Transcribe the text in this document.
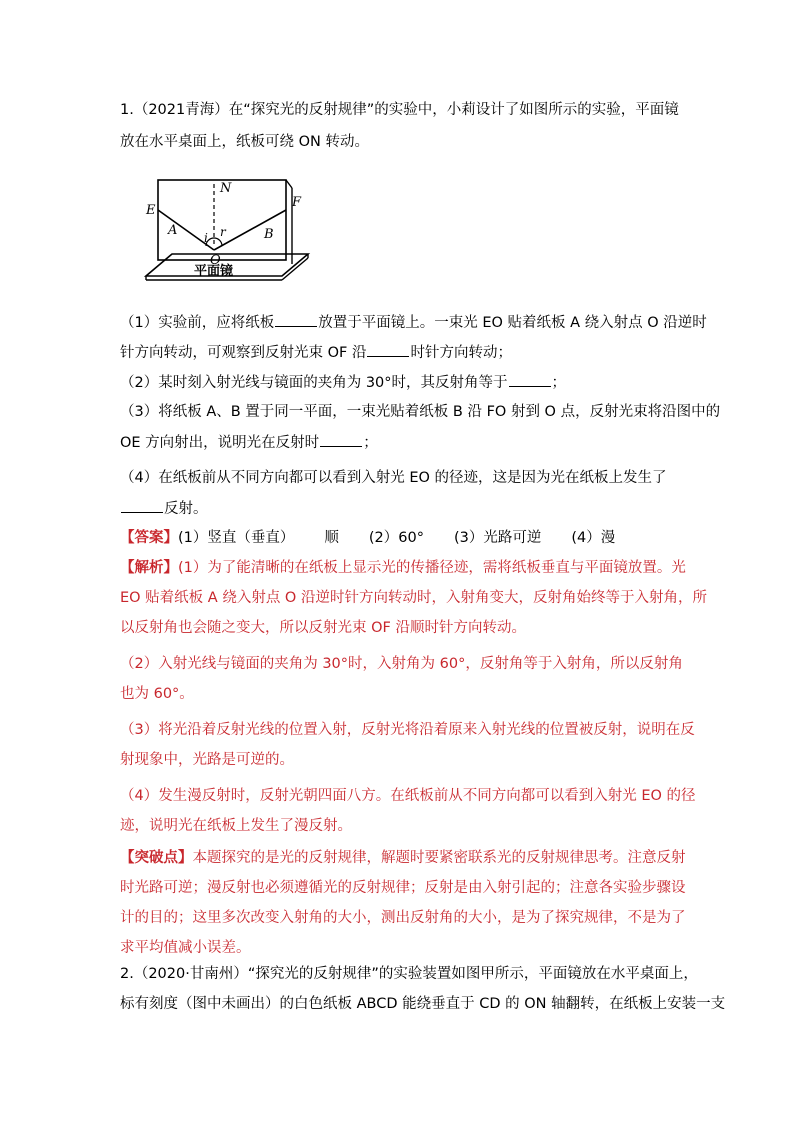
1.（2021青海）在“探究光的反射规律”的实验中，小莉设计了如图所示的实验，平面镜

放在水平桌面上，纸板可绕 ON 转动。

N
E
F
A	B
i r
O
平面镜

（1）实验前，应将纸板	放置于平面镜上。一束光 EO 贴着纸板 A 绕入射点 O 沿逆时

针方向转动，可观察到反射光束 OF 沿	时针方向转动；

（2）某时刻入射光线与镜面的夹角为 30°时，其反射角等于	；

（3）将纸板 A、B 置于同一平面，一束光贴着纸板 B 沿 FO 射到 O 点，反射光束将沿图中的

OE 方向射出，说明光在反射时	；

（4）在纸板前从不同方向都可以看到入射光 EO 的径迹，这是因为光在纸板上发生了

反射。

【答案】(1）竖直（垂直） 顺 (2）60° (3）光路可逆 (4）漫

【解析】(1）为了能清晰的在纸板上显示光的传播径迹，需将纸板垂直与平面镜放置。光

EO 贴着纸板 A 绕入射点 O 沿逆时针方向转动时，入射角变大，反射角始终等于入射角，所

以反射角也会随之变大，所以反射光束 OF 沿顺时针方向转动。

（2）入射光线与镜面的夹角为 30°时，入射角为 60°，反射角等于入射角，所以反射角

也为 60°。

（3）将光沿着反射光线的位置入射，反射光将沿着原来入射光线的位置被反射，说明在反

射现象中，光路是可逆的。

（4）发生漫反射时，反射光朝四面八方。在纸板前从不同方向都可以看到入射光 EO 的径

迹，说明光在纸板上发生了漫反射。

【突破点】本题探究的是光的反射规律，解题时要紧密联系光的反射规律思考。注意反射

时光路可逆；漫反射也必须遵循光的反射规律；反射是由入射引起的；注意各实验步骤设

计的目的；这里多次改变入射角的大小，测出反射角的大小，是为了探究规律，不是为了

求平均值减小误差。

2.（2020·甘南州）“探究光的反射规律”的实验装置如图甲所示，平面镜放在水平桌面上，

标有刻度（图中未画出）的白色纸板 ABCD 能绕垂直于 CD 的 ON 轴翻转，在纸板上安装一支
